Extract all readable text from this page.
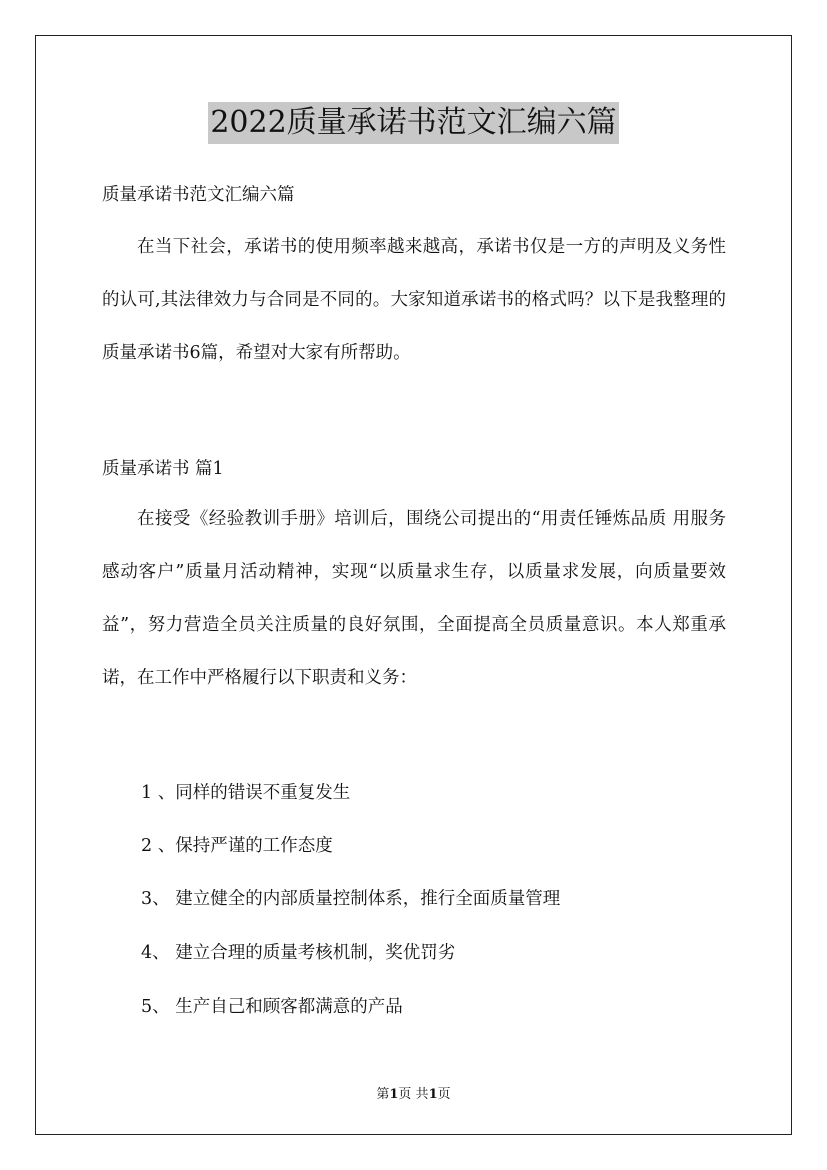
2022质量承诺书范文汇编六篇

质量承诺书范文汇编六篇

在当下社会，承诺书的使用频率越来越高，承诺书仅是一方的声明及义务性的认可,其法律效力与合同是不同的。大家知道承诺书的格式吗？以下是我整理的质量承诺书6篇，希望对大家有所帮助。

质量承诺书 篇1

在接受《经验教训手册》培训后，围绕公司提出的“用责任锤炼品质 用服务感动客户”质量月活动精神，实现“以质量求生存，以质量求发展，向质量要效益”，努力营造全员关注质量的良好氛围，全面提高全员质量意识。本人郑重承诺，在工作中严格履行以下职责和义务：

1 、同样的错误不重复发生

2 、保持严谨的工作态度

3、 建立健全的内部质量控制体系，推行全面质量管理

4、 建立合理的质量考核机制，奖优罚劣

5、 生产自己和顾客都满意的产品

第1页 共1页
